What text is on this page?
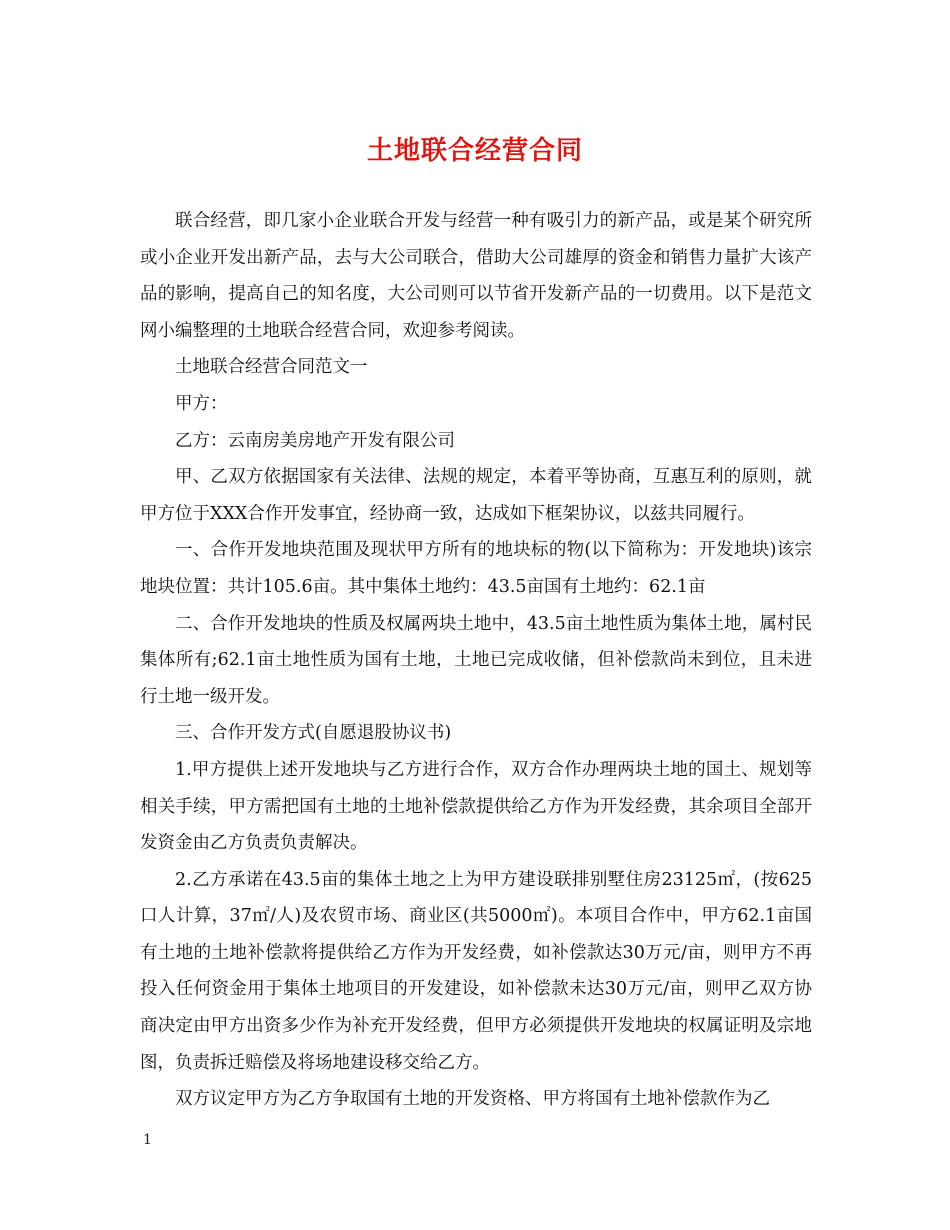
土地联合经营合同

联合经营，即几家小企业联合开发与经营一种有吸引力的新产品，或是某个研究所或小企业开发出新产品，去与大公司联合，借助大公司雄厚的资金和销售力量扩大该产品的影响，提高自己的知名度，大公司则可以节省开发新产品的一切费用。以下是范文网小编整理的土地联合经营合同，欢迎参考阅读。

土地联合经营合同范文一

甲方：

乙方：云南房美房地产开发有限公司

甲、乙双方依据国家有关法律、法规的规定，本着平等协商，互惠互利的原则，就甲方位于XXX合作开发事宜，经协商一致，达成如下框架协议，以兹共同履行。

一、合作开发地块范围及现状甲方所有的地块标的物(以下简称为：开发地块)该宗地块位置：共计105.6亩。其中集体土地约：43.5亩国有土地约：62.1亩

二、合作开发地块的性质及权属两块土地中，43.5亩土地性质为集体土地，属村民集体所有;62.1亩土地性质为国有土地，土地已完成收储，但补偿款尚未到位，且未进行土地一级开发。

三、合作开发方式(自愿退股协议书)

1.甲方提供上述开发地块与乙方进行合作，双方合作办理两块土地的国土、规划等相关手续，甲方需把国有土地的土地补偿款提供给乙方作为开发经费，其余项目全部开发资金由乙方负责负责解决。

2.乙方承诺在43.5亩的集体土地之上为甲方建设联排别墅住房23125㎡，(按625口人计算，37㎡/人)及农贸市场、商业区(共5000㎡)。本项目合作中，甲方62.1亩国有土地的土地补偿款将提供给乙方作为开发经费，如补偿款达30万元/亩，则甲方不再投入任何资金用于集体土地项目的开发建设，如补偿款未达30万元/亩，则甲乙双方协商决定由甲方出资多少作为补充开发经费，但甲方必须提供开发地块的权属证明及宗地图，负责拆迁赔偿及将场地建设移交给乙方。

双方议定甲方为乙方争取国有土地的开发资格、甲方将国有土地补偿款作为乙

1
